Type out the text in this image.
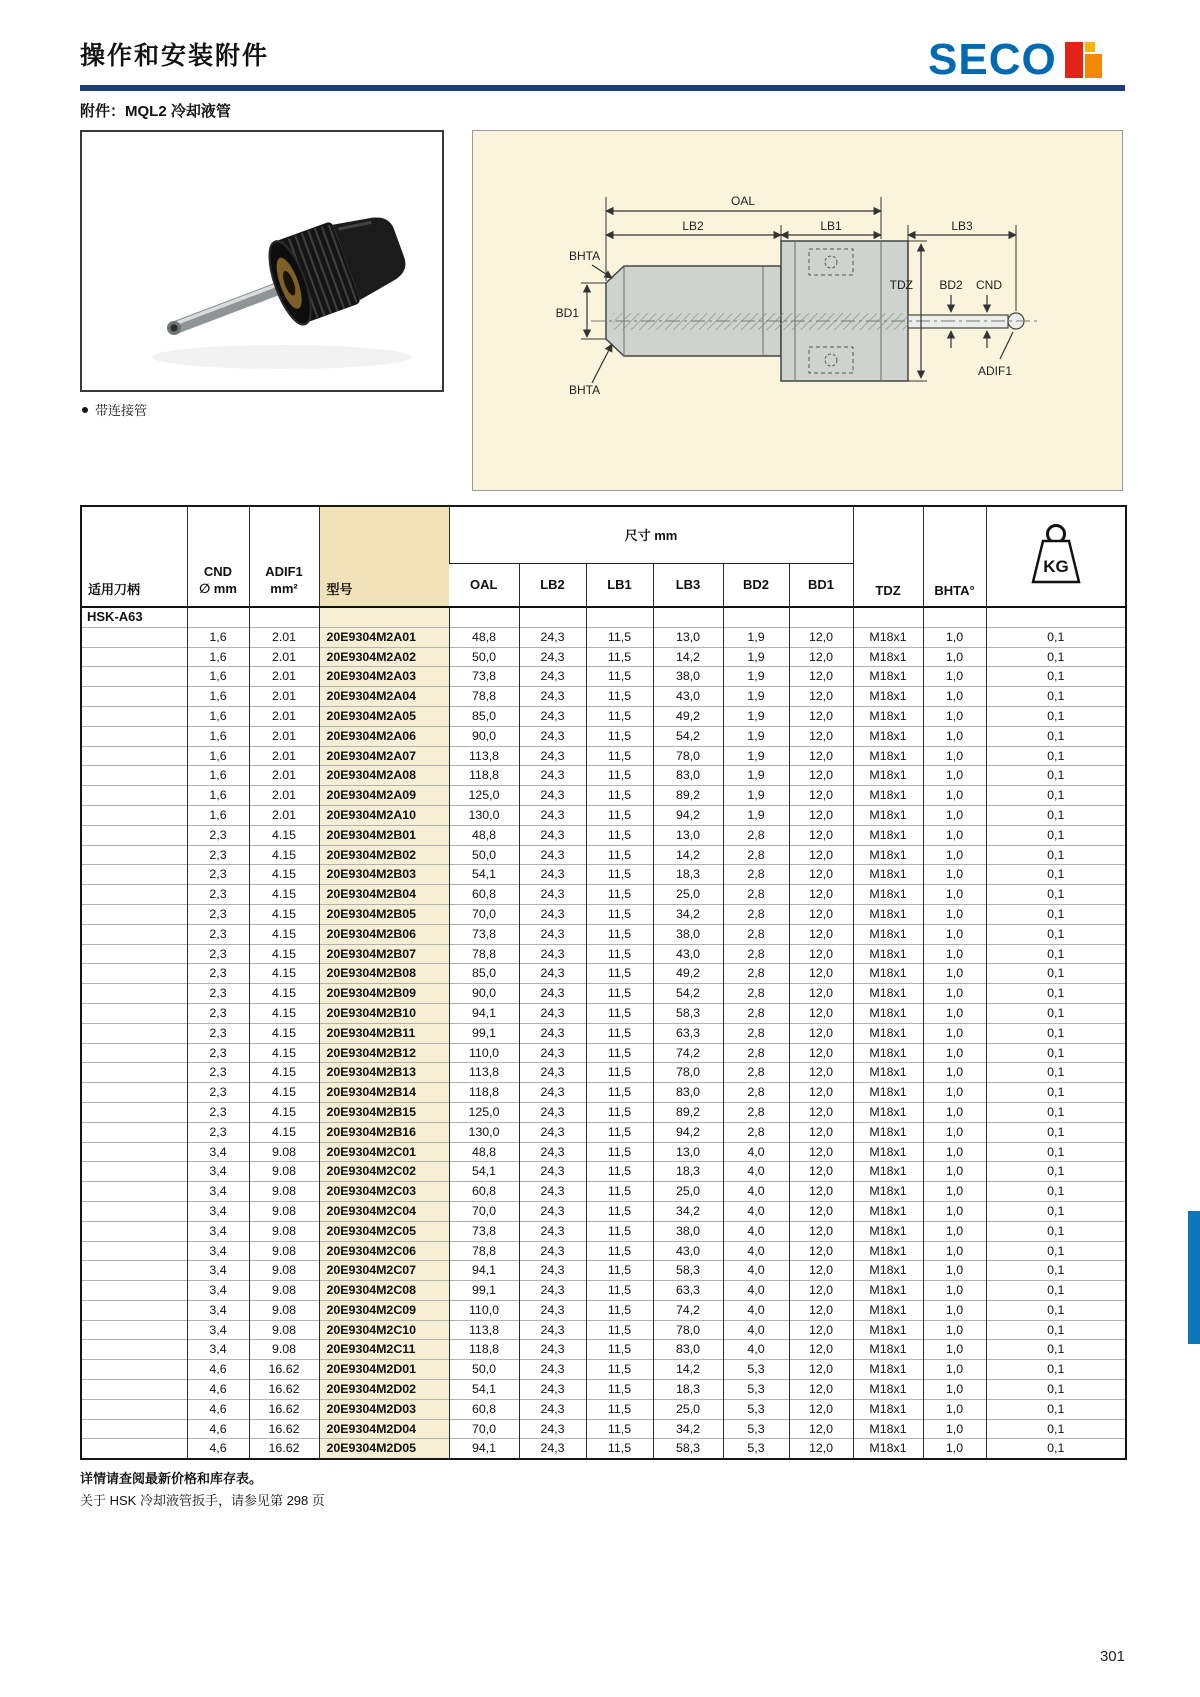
操作和安装附件	SECO
附件：MQL2 冷却液管
带连接管
OAL
LB2	LB1	LB3
BHTA
BHTA
BD1
TDZ BD2 CND
ADIF1
适用刀柄	
CND
∅ mm

ADIF1
mm²	型号	尺寸 mm	TDZ	BHTA°	
KG

				OAL	LB2	LB1	LB3	BD2	BD1			
HSK-A63												
	1,6	2.01	20E9304M2A01	48,8	24,3	11,5	13,0	1,9	12,0	M18x1	1,0	0,1
	1,6	2.01	20E9304M2A02	50,0	24,3	11,5	14,2	1,9	12,0	M18x1	1,0	0,1
	1,6	2.01	20E9304M2A03	73,8	24,3	11,5	38,0	1,9	12,0	M18x1	1,0	0,1
	1,6	2.01	20E9304M2A04	78,8	24,3	11,5	43,0	1,9	12,0	M18x1	1,0	0,1
	1,6	2.01	20E9304M2A05	85,0	24,3	11,5	49,2	1,9	12,0	M18x1	1,0	0,1
	1,6	2.01	20E9304M2A06	90,0	24,3	11,5	54,2	1,9	12,0	M18x1	1,0	0,1
	1,6	2.01	20E9304M2A07	113,8	24,3	11,5	78,0	1,9	12,0	M18x1	1,0	0,1
	1,6	2.01	20E9304M2A08	118,8	24,3	11,5	83,0	1,9	12,0	M18x1	1,0	0,1
	1,6	2.01	20E9304M2A09	125,0	24,3	11,5	89,2	1,9	12,0	M18x1	1,0	0,1
	1,6	2.01	20E9304M2A10	130,0	24,3	11,5	94,2	1,9	12,0	M18x1	1,0	0,1
	2,3	4.15	20E9304M2B01	48,8	24,3	11,5	13,0	2,8	12,0	M18x1	1,0	0,1
	2,3	4.15	20E9304M2B02	50,0	24,3	11,5	14,2	2,8	12,0	M18x1	1,0	0,1
	2,3	4.15	20E9304M2B03	54,1	24,3	11,5	18,3	2,8	12,0	M18x1	1,0	0,1
	2,3	4.15	20E9304M2B04	60,8	24,3	11,5	25,0	2,8	12,0	M18x1	1,0	0,1
	2,3	4.15	20E9304M2B05	70,0	24,3	11,5	34,2	2,8	12,0	M18x1	1,0	0,1
	2,3	4.15	20E9304M2B06	73,8	24,3	11,5	38,0	2,8	12,0	M18x1	1,0	0,1
	2,3	4.15	20E9304M2B07	78,8	24,3	11,5	43,0	2,8	12,0	M18x1	1,0	0,1
	2,3	4.15	20E9304M2B08	85,0	24,3	11,5	49,2	2,8	12,0	M18x1	1,0	0,1
	2,3	4.15	20E9304M2B09	90,0	24,3	11,5	54,2	2,8	12,0	M18x1	1,0	0,1
	2,3	4.15	20E9304M2B10	94,1	24,3	11,5	58,3	2,8	12,0	M18x1	1,0	0,1
	2,3	4.15	20E9304M2B11	99,1	24,3	11,5	63,3	2,8	12,0	M18x1	1,0	0,1
	2,3	4.15	20E9304M2B12	110,0	24,3	11,5	74,2	2,8	12,0	M18x1	1,0	0,1
	2,3	4.15	20E9304M2B13	113,8	24,3	11,5	78,0	2,8	12,0	M18x1	1,0	0,1
	2,3	4.15	20E9304M2B14	118,8	24,3	11,5	83,0	2,8	12,0	M18x1	1,0	0,1
	2,3	4.15	20E9304M2B15	125,0	24,3	11,5	89,2	2,8	12,0	M18x1	1,0	0,1
	2,3	4.15	20E9304M2B16	130,0	24,3	11,5	94,2	2,8	12,0	M18x1	1,0	0,1
	3,4	9.08	20E9304M2C01	48,8	24,3	11,5	13,0	4,0	12,0	M18x1	1,0	0,1
	3,4	9.08	20E9304M2C02	54,1	24,3	11,5	18,3	4,0	12,0	M18x1	1,0	0,1
	3,4	9.08	20E9304M2C03	60,8	24,3	11,5	25,0	4,0	12,0	M18x1	1,0	0,1
	3,4	9.08	20E9304M2C04	70,0	24,3	11,5	34,2	4,0	12,0	M18x1	1,0	0,1
	3,4	9.08	20E9304M2C05	73,8	24,3	11,5	38,0	4,0	12,0	M18x1	1,0	0,1
	3,4	9.08	20E9304M2C06	78,8	24,3	11,5	43,0	4,0	12,0	M18x1	1,0	0,1
	3,4	9.08	20E9304M2C07	94,1	24,3	11,5	58,3	4,0	12,0	M18x1	1,0	0,1
	3,4	9.08	20E9304M2C08	99,1	24,3	11,5	63,3	4,0	12,0	M18x1	1,0	0,1
	3,4	9.08	20E9304M2C09	110,0	24,3	11,5	74,2	4,0	12,0	M18x1	1,0	0,1
	3,4	9.08	20E9304M2C10	113,8	24,3	11,5	78,0	4,0	12,0	M18x1	1,0	0,1
	3,4	9.08	20E9304M2C11	118,8	24,3	11,5	83,0	4,0	12,0	M18x1	1,0	0,1
	4,6	16.62	20E9304M2D01	50,0	24,3	11,5	14,2	5,3	12,0	M18x1	1,0	0,1
	4,6	16.62	20E9304M2D02	54,1	24,3	11,5	18,3	5,3	12,0	M18x1	1,0	0,1
	4,6	16.62	20E9304M2D03	60,8	24,3	11,5	25,0	5,3	12,0	M18x1	1,0	0,1
	4,6	16.62	20E9304M2D04	70,0	24,3	11,5	34,2	5,3	12,0	M18x1	1,0	0,1
	4,6	16.62	20E9304M2D05	94,1	24,3	11,5	58,3	5,3	12,0	M18x1	1,0	0,1
详情请查阅最新价格和库存表。
关于 HSK 冷却液管扳手，请参见第 298 页
301
